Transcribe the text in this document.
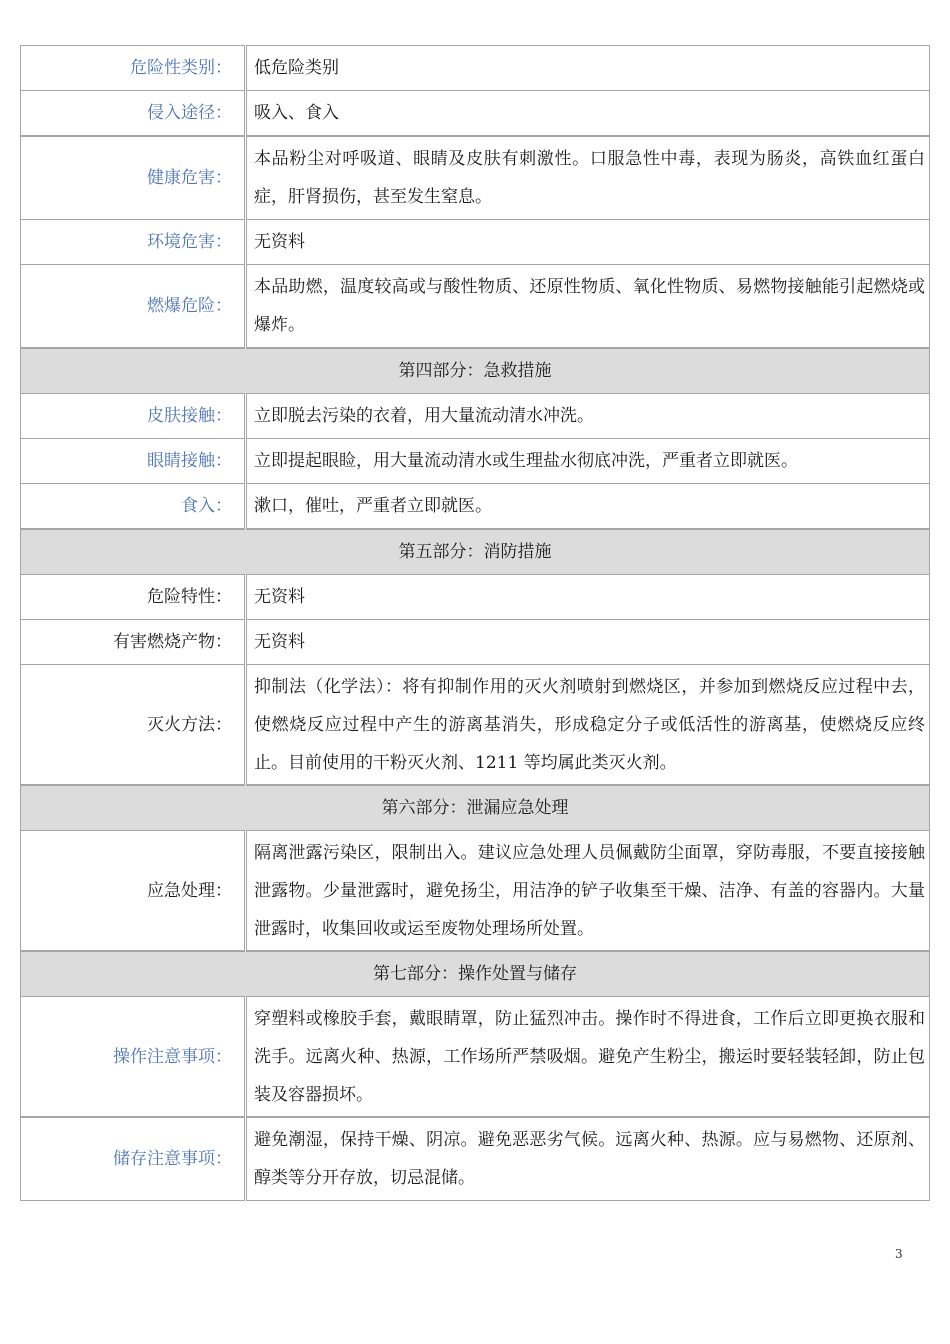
危险性类别：	低危险类别
侵入途径：	吸入、食入
健康危害：	本品粉尘对呼吸道、眼睛及皮肤有刺激性。口服急性中毒，表现为肠炎，高铁血红蛋白症，肝肾损伤，甚至发生窒息。
环境危害：	无资料
燃爆危险：	本品助燃，温度较高或与酸性物质、还原性物质、氧化性物质、易燃物接触能引起燃烧或爆炸。
第四部分：急救措施	
皮肤接触：	立即脱去污染的衣着，用大量流动清水冲洗。
眼睛接触：	立即提起眼睑，用大量流动清水或生理盐水彻底冲洗，严重者立即就医。
食入：	漱口，催吐，严重者立即就医。
第五部分：消防措施	
危险特性：	无资料
有害燃烧产物：	无资料
灭火方法：	抑制法（化学法）：将有抑制作用的灭火剂喷射到燃烧区，并参加到燃烧反应过程中去，使燃烧反应过程中产生的游离基消失，形成稳定分子或低活性的游离基，使燃烧反应终止。目前使用的干粉灭火剂、1211 等均属此类灭火剂。
第六部分：泄漏应急处理	
应急处理：	隔离泄露污染区，限制出入。建议应急处理人员佩戴防尘面罩，穿防毒服，不要直接接触泄露物。少量泄露时，避免扬尘，用洁净的铲子收集至干燥、洁净、有盖的容器内。大量泄露时，收集回收或运至废物处理场所处置。
第七部分：操作处置与储存	
操作注意事项：	穿塑料或橡胶手套，戴眼睛罩，防止猛烈冲击。操作时不得进食，工作后立即更换衣服和洗手。远离火种、热源，工作场所严禁吸烟。避免产生粉尘，搬运时要轻装轻卸，防止包装及容器损坏。
储存注意事项：	避免潮湿，保持干燥、阴凉。避免恶恶劣气候。远离火种、热源。应与易燃物、还原剂、醇类等分开存放，切忌混储。
3
